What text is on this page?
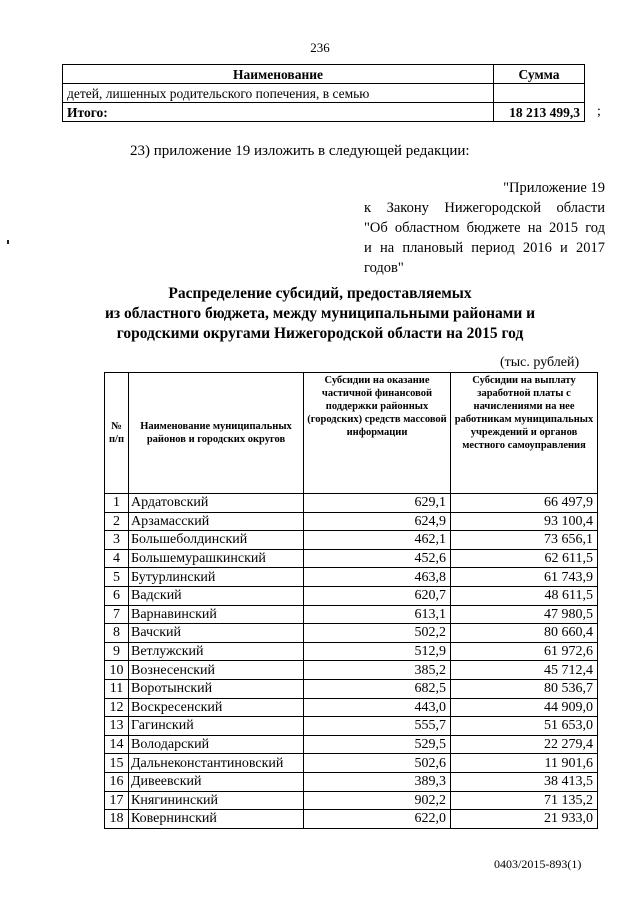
236
Наименование	Сумма
детей, лишенных родительского попечения, в семью	
Итого:	18 213 499,3 ;
23) приложение 19 изложить в следующей редакции:
"Приложение 19
к Закону Нижегородской области
"Об областном бюджете на 2015 год
и на плановый период 2016 и 2017
годов"
Распределение субсидий, предоставляемых
из областного бюджета, между муниципальными районами и
городскими округами Нижегородской области на 2015 год
(тыс. рублей)
№ п/п	Наименование муниципальных районов и городских округов	Субсидии на оказание частичной финансовой поддержки районных (городских) средств массовой информации	Субсидии на выплату заработной платы с начислениями на нее работникам муниципальных учреждений и органов местного самоуправления
1	Ардатовский	629,1	66 497,9
2	Арзамасский	624,9	93 100,4
3	Большеболдинский	462,1	73 656,1
4	Большемурашкинский	452,6	62 611,5
5	Бутурлинский	463,8	61 743,9
6	Вадский	620,7	48 611,5
7	Варнавинский	613,1	47 980,5
8	Вачский	502,2	80 660,4
9	Ветлужский	512,9	61 972,6
10	Вознесенский	385,2	45 712,4
11	Воротынский	682,5	80 536,7
12	Воскресенский	443,0	44 909,0
13	Гагинский	555,7	51 653,0
14	Володарский	529,5	22 279,4
15	Дальнеконстантиновский	502,6	11 901,6
16	Дивеевский	389,3	38 413,5
17	Княгининский	902,2	71 135,2
18	Ковернинский	622,0	21 933,0
0403/2015-893(1)
